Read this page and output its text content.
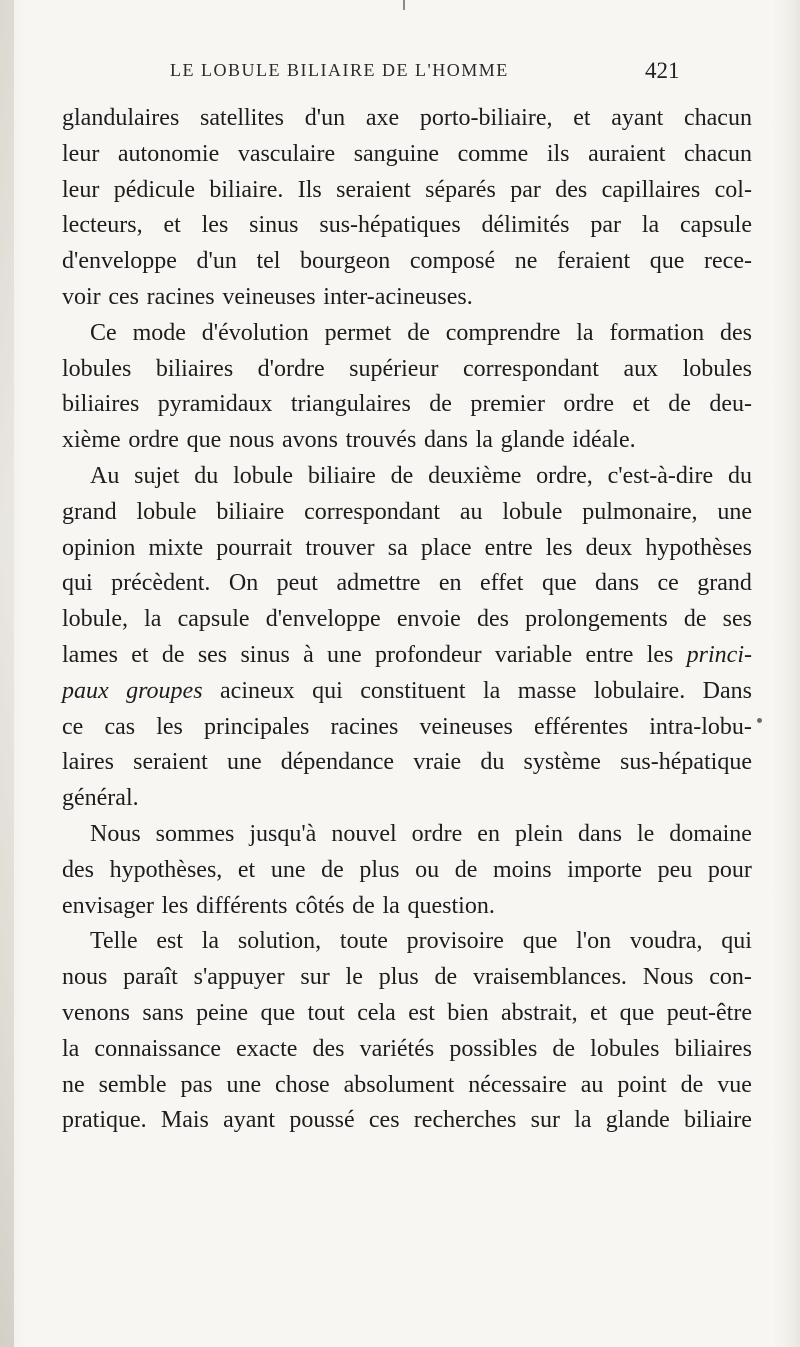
LE LOBULE BILIAIRE DE L'HOMME	421
glandulaires satellites d'un axe porto-biliaire, et ayant chacun
leur autonomie vasculaire sanguine comme ils auraient chacun
leur pédicule biliaire. Ils seraient séparés par des capillaires col-
lecteurs, et les sinus sus-hépatiques délimités par la capsule
d'enveloppe d'un tel bourgeon composé ne feraient que rece-
voir ces racines veineuses inter-acineuses.
Ce mode d'évolution permet de comprendre la formation des
lobules biliaires d'ordre supérieur correspondant aux lobules
biliaires pyramidaux triangulaires de premier ordre et de deu-
xième ordre que nous avons trouvés dans la glande idéale.
Au sujet du lobule biliaire de deuxième ordre, c'est-à-dire du
grand lobule biliaire correspondant au lobule pulmonaire, une
opinion mixte pourrait trouver sa place entre les deux hypothèses
qui précèdent. On peut admettre en effet que dans ce grand
lobule, la capsule d'enveloppe envoie des prolongements de ses
lames et de ses sinus à une profondeur variable entre les princi-
paux groupes acineux qui constituent la masse lobulaire. Dans
ce cas les principales racines veineuses efférentes intra-lobu-
laires seraient une dépendance vraie du système sus-hépatique
général.
Nous sommes jusqu'à nouvel ordre en plein dans le domaine
des hypothèses, et une de plus ou de moins importe peu pour
envisager les différents côtés de la question.
Telle est la solution, toute provisoire que l'on voudra, qui
nous paraît s'appuyer sur le plus de vraisemblances. Nous con-
venons sans peine que tout cela est bien abstrait, et que peut-être
la connaissance exacte des variétés possibles de lobules biliaires
ne semble pas une chose absolument nécessaire au point de vue
pratique. Mais ayant poussé ces recherches sur la glande biliaire
